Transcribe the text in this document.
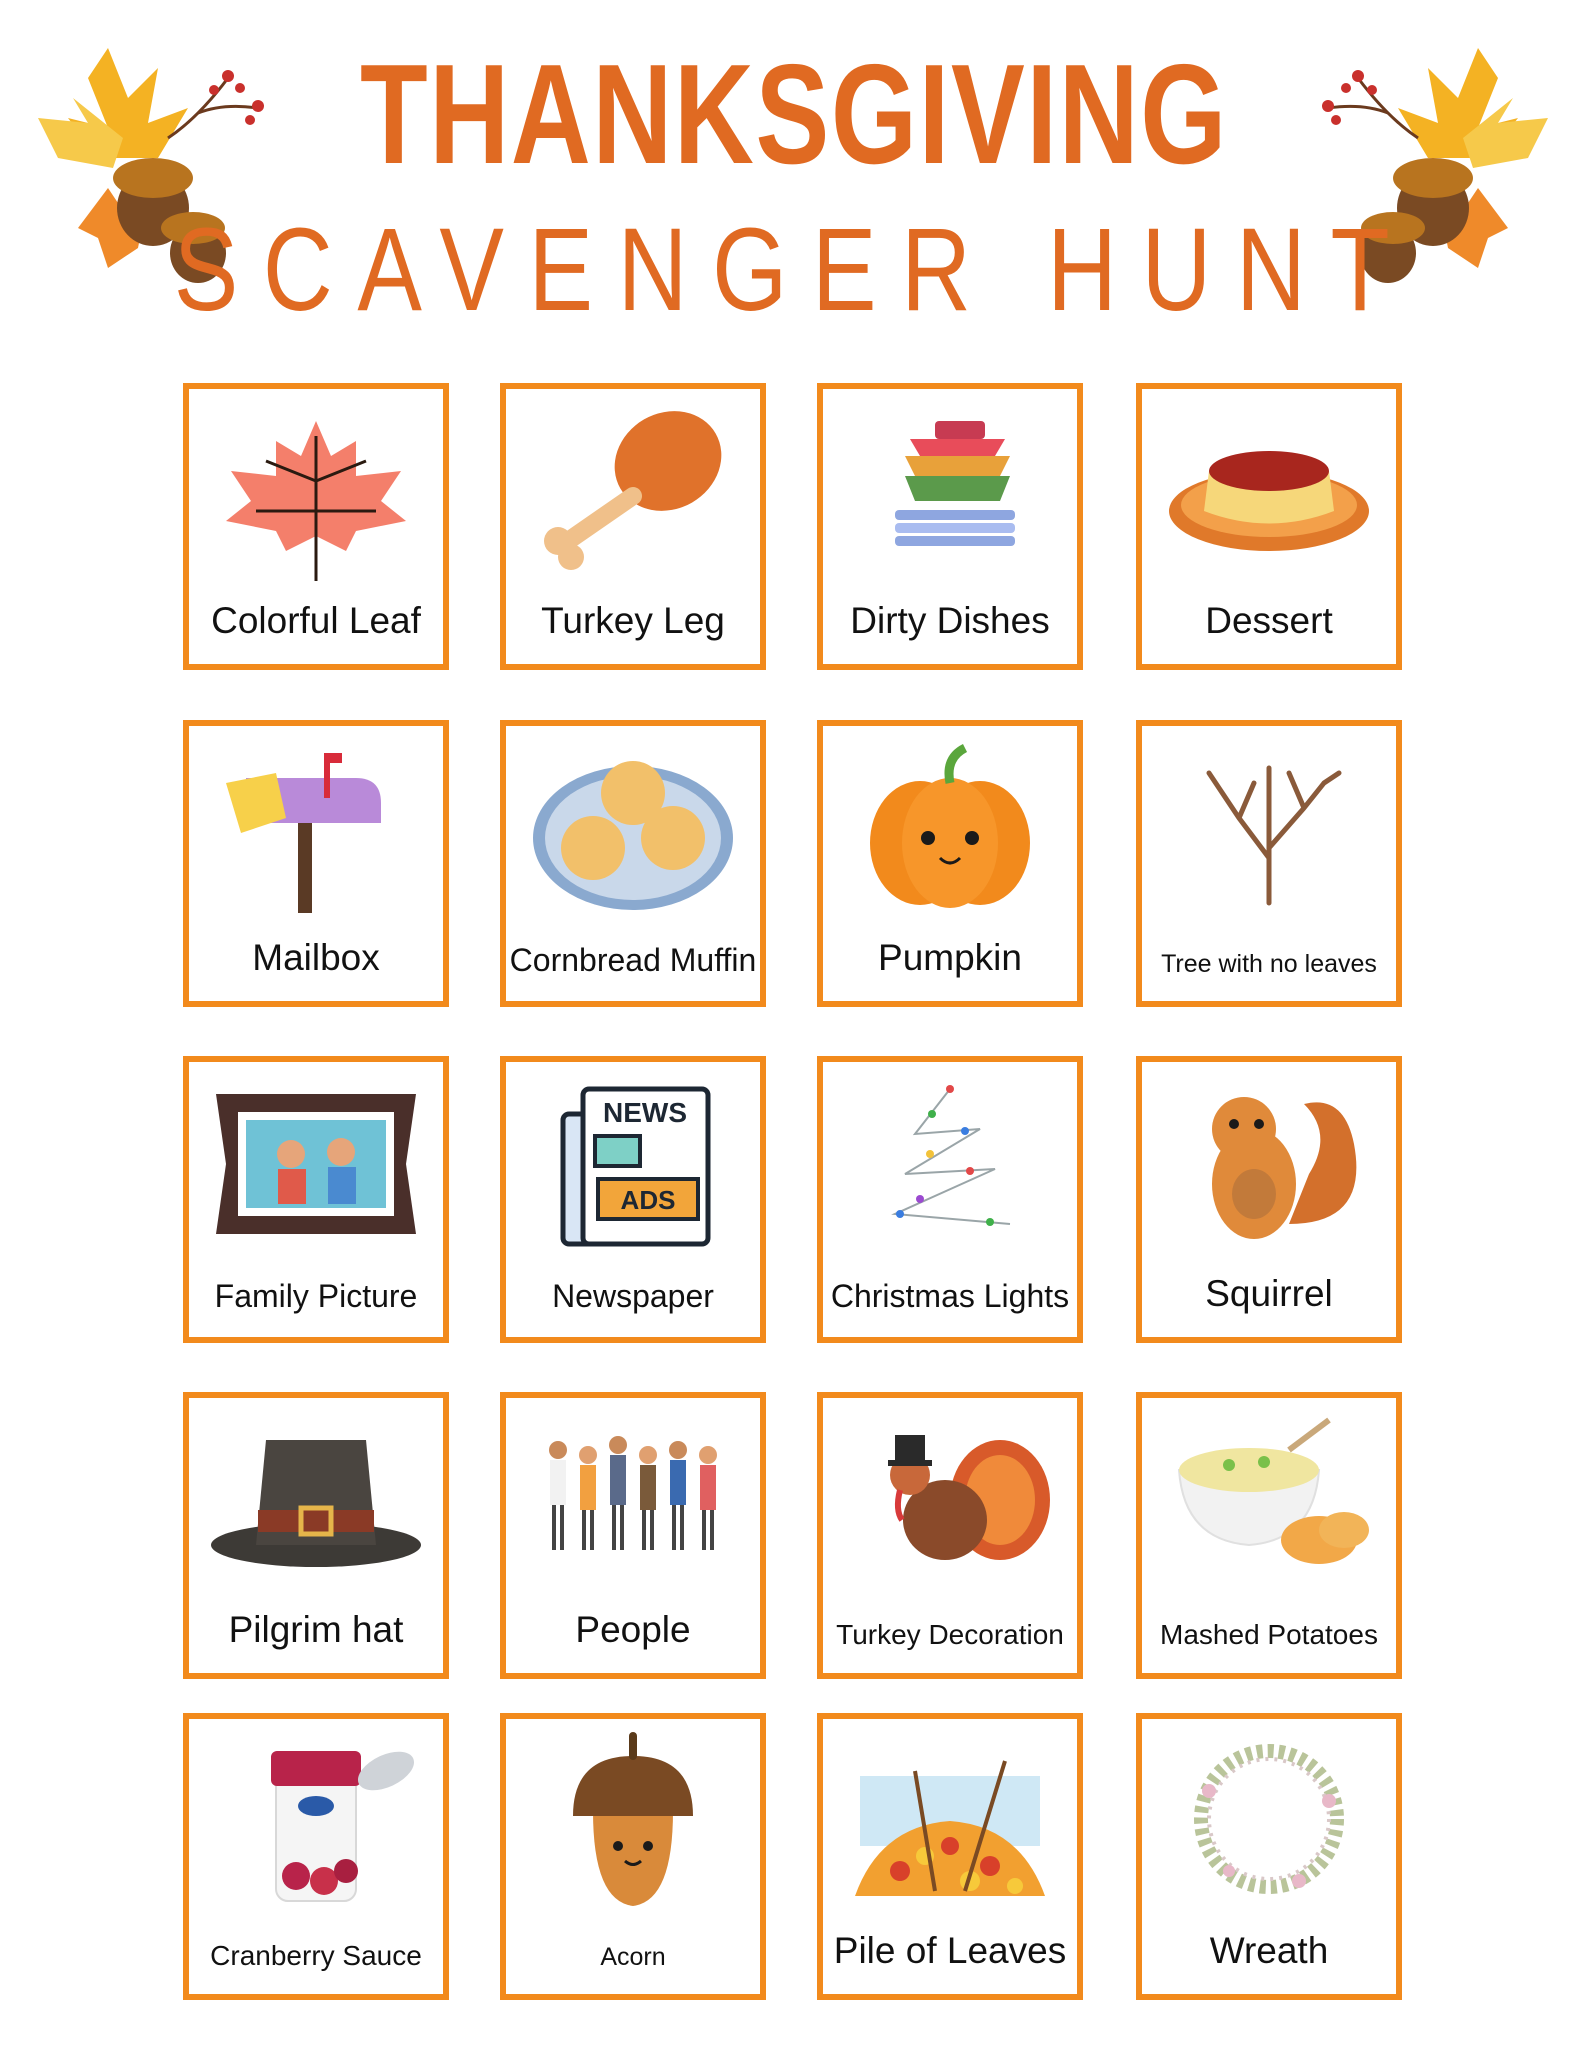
THANKSGIVING
SCAVENGER HUNT
Colorful Leaf	Turkey Leg	Dirty Dishes	Dessert
Mailbox	Cornbread Muffin	Pumpkin	Tree with no leaves
Family Picture
NEWS
ADS
Newspaper	Christmas Lights	Squirrel
Pilgrim hat	People	Turkey Decoration	Mashed Potatoes
Cranberry Sauce	Acorn	Pile of Leaves	Wreath
